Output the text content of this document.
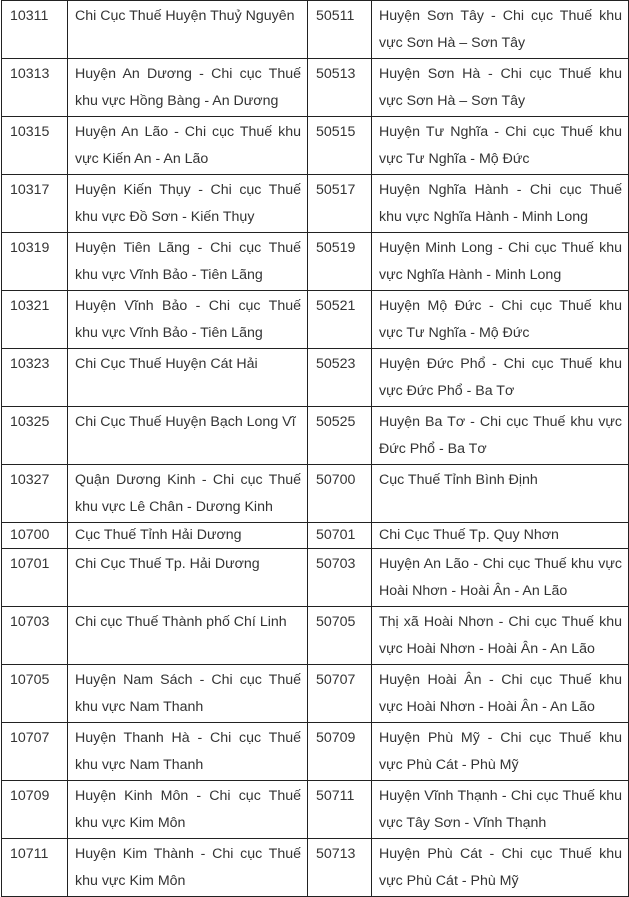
10311	Chi Cục Thuế Huyện Thuỷ Nguyên	50511	Huyện Sơn Tây - Chi cục Thuế khu vực Sơn Hà – Sơn Tây
10313	Huyện An Dương - Chi cục Thuế khu vực Hồng Bàng - An Dương	50513	Huyện Sơn Hà - Chi cục Thuế khu vực Sơn Hà – Sơn Tây
10315	Huyện An Lão - Chi cục Thuế khu vực Kiến An - An Lão	50515	Huyện Tư Nghĩa - Chi cục Thuế khu vực Tư Nghĩa - Mộ Đức
10317	Huyện Kiến Thụy - Chi cục Thuế khu vực Đồ Sơn - Kiến Thụy	50517	Huyện Nghĩa Hành - Chi cục Thuế khu vực Nghĩa Hành - Minh Long
10319	Huyện Tiên Lãng - Chi cục Thuế khu vực Vĩnh Bảo - Tiên Lãng	50519	Huyện Minh Long - Chi cục Thuế khu vực Nghĩa Hành - Minh Long
10321	Huyện Vĩnh Bảo - Chi cục Thuế khu vực Vĩnh Bảo - Tiên Lãng	50521	Huyện Mộ Đức - Chi cục Thuế khu vực Tư Nghĩa - Mộ Đức
10323	Chi Cục Thuế Huyện Cát Hải	50523	Huyện Đức Phổ - Chi cục Thuế khu vực Đức Phổ - Ba Tơ
10325	Chi Cục Thuế Huyện Bạch Long Vĩ	50525	Huyện Ba Tơ - Chi cục Thuế khu vực Đức Phổ - Ba Tơ
10327	Quận Dương Kinh - Chi cục Thuế khu vực Lê Chân - Dương Kinh	50700	Cục Thuế Tỉnh Bình Định
10700	Cục Thuế Tỉnh Hải Dương	50701	Chi Cục Thuế Tp. Quy Nhơn
10701	Chi Cục Thuế Tp. Hải Dương	50703	Huyện An Lão - Chi cục Thuế khu vực Hoài Nhơn - Hoài Ân - An Lão
10703	Chi cục Thuế Thành phố Chí Linh	50705	Thị xã Hoài Nhơn - Chi cục Thuế khu vực Hoài Nhơn - Hoài Ân - An Lão
10705	Huyện Nam Sách - Chi cục Thuế khu vực Nam Thanh	50707	Huyện Hoài Ân - Chi cục Thuế khu vực Hoài Nhơn - Hoài Ân - An Lão
10707	Huyện Thanh Hà - Chi cục Thuế khu vực Nam Thanh	50709	Huyện Phù Mỹ - Chi cục Thuế khu vực Phù Cát - Phù Mỹ
10709	Huyện Kinh Môn - Chi cục Thuế khu vực Kim Môn	50711	Huyện Vĩnh Thạnh - Chi cục Thuế khu vực Tây Sơn - Vĩnh Thạnh
10711	Huyện Kim Thành - Chi cục Thuế khu vực Kim Môn	50713	Huyện Phù Cát - Chi cục Thuế khu vực Phù Cát - Phù Mỹ
